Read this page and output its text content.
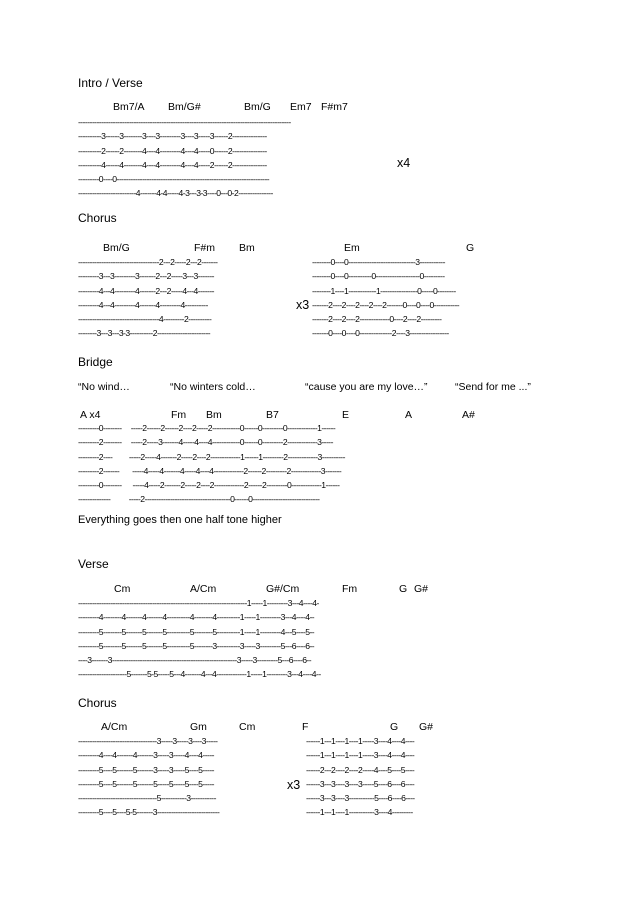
Intro / Verse
Bm7/A Bm/G#	Bm/G Em7 F#m7
--------------------------------------------------------------------------------------------
----------3------3--------3----3---------3----3-----3------2---------------
----------2------2--------4----4---------4----4-----0------2---------------
----------4------4--------4----4---------4----4-----2------2---------------
---------0----0------------------------------------------------------------------
-------------------------4-------4-4-----4-3---3-3----0---0-2---------------
x4
Chorus
Bm/G	F#m Bm	Em	G
-----------------------------------2---2-----2---2-------
---------3---3---------3-------2---2-----3---3-------
---------4---4---------4-------2---2-----4---4-------
---------4---4---------4-------4---------4----------
-----------------------------------4---------2----------
--------3---3---3-3----------2-----------------------
x3
--------0----0-----------------------------3-----------
--------0----0----------0-------------------0---------
--------1----1------------1----------------0-----0--------
-------2----2----2----2----2-------0----0----0-----------
-------2----2----2-------------0----2----2---------
-------0----0----0--------------2----3-----------------
Bridge
“No wind…	“No winters cold…	“cause you are my love…”	“Send for me ...”
A x4	Fm Bm	B7	E	A	A#
---------0--------     -----2------2------2----2-----2------------0------0---------0-------------1------
---------2--------     -----2-----3-------4-----4----4------------0------0---------2-------------3-----
---------2----         -----2-----4-------2-----2----2-------------1------1---------2-------------3----------
---------2-------       -----4-----4-------4-----4----4-------------2------2---------2-------------3-------
---------0--------      -----4-----2-------2-----2----2-------------2------2---------0-------------1------
--------------          -----2-------------------------------------0------0-----------------------------
Everything goes then one half tone higher
Verse
Cm	A/Cm	G#/Cm	Fm	G G#
-------------------------------------------------------------------------1-----1---------3---4----4-
---------4--------4-------4-------4----------4--------4----------1-----1---------3---4----4--
---------5--------5-------5-------5----------5--------5----------1-----1---------4---5----5--
---------5--------5-------5-------5----------5--------3----------3-----3---------5---6----6--
----3-------3------------------------------------------------------3-----3---------5---6----6--
---------------------5-------5-5-----5---4-------4---4-------------1-----1---------3---4----4--
Chorus
A/Cm	Gm	Cm	F	G G#
----------------------------------3-----3-----3----3-----
---------4----4-------4-------3-----3-----4----4-----
---------5----5-------5-------3-----3-----5----5-----
---------5----5-------5-------5-----5-----5----5-----
----------------------------------5-----------3-----------
---------5----5----5-5-------3---------------------------
x3
------1---1----1----1-----3----4----4----
------1---1----1----1-----3----4----4----
------2---2----2----2-----4----5----5----
------3---3----3----3-----5----6----6----
------3---3----3-----------5----6----6----
------1---1----1-----------3----4---------
